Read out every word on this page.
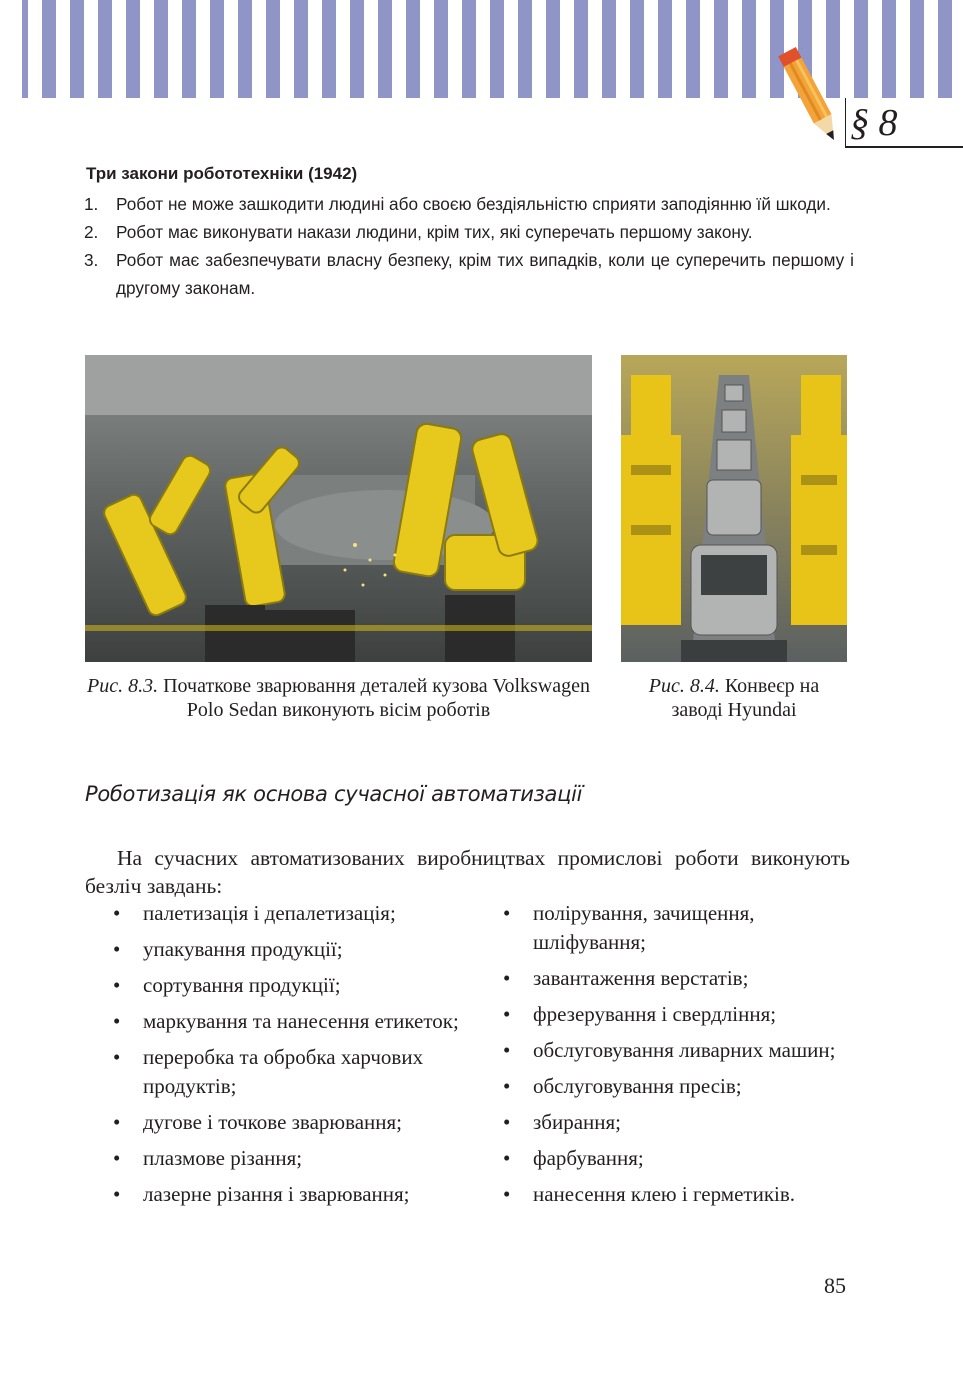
§ 8
Три закони робототехніки (1942)
1. Робот не може зашкодити людині або своєю бездіяльністю сприяти заподіянню їй шкоди.
2. Робот має виконувати накази людини, крім тих, які суперечать першому закону.
3. Робот має забезпечувати власну безпеку, крім тих випадків, коли це суперечить першому і другому законам.
Рис. 8.3. Початкове зварювання деталей кузова Volkswagen Polo Sedan виконують вісім роботів
Рис. 8.4. Конвеєр на заводі Hyundai
Роботизація як основа сучасної автоматизації
На сучасних автоматизованих виробництвах промислові роботи виконують безліч завдань:
• палетизація і депалетизація;
• упакування продукції;
• сортування продукції;
• маркування та нанесення етикеток;
• переробка та обробка харчових продуктів;
• дугове і точкове зварювання;
• плазмове різання;
• лазерне різання і зварювання;
• полірування, зачищення, шліфування;
• завантаження верстатів;
• фрезерування і свердління;
• обслуговування ливарних машин;
• обслуговування пресів;
• збирання;
• фарбування;
• нанесення клею і герметиків.
85
